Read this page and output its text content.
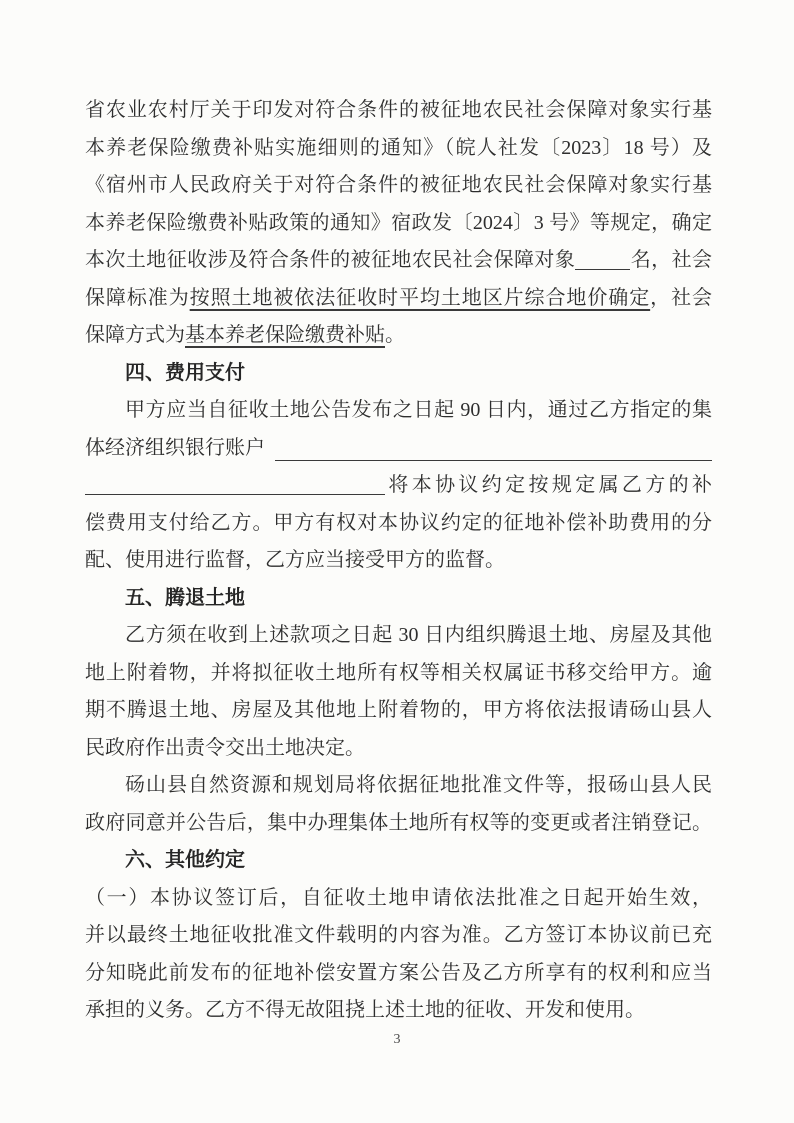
省农业农村厅关于印发对符合条件的被征地农民社会保障对象实行基
本养老保险缴费补贴实施细则的通知》（皖人社发〔2023〕18 号）及
《宿州市人民政府关于对符合条件的被征地农民社会保障对象实行基
本养老保险缴费补贴政策的通知》宿政发〔2024〕3 号》等规定，确定
本次土地征收涉及符合条件的被征地农民社会保障对象	名，社会
保障标准为按照土地被依法征收时平均土地区片综合地价确定，社会
保障方式为基本养老保险缴费补贴。
四、费用支付
甲方应当自征收土地公告发布之日起 90 日内，通过乙方指定的集
体经济组织银行账户
将本协议约定按规定属乙方的补
偿费用支付给乙方。甲方有权对本协议约定的征地补偿补助费用的分
配、使用进行监督，乙方应当接受甲方的监督。
五、腾退土地
乙方须在收到上述款项之日起 30 日内组织腾退土地、房屋及其他
地上附着物，并将拟征收土地所有权等相关权属证书移交给甲方。逾
期不腾退土地、房屋及其他地上附着物的，甲方将依法报请砀山县人
民政府作出责令交出土地决定。
砀山县自然资源和规划局将依据征地批准文件等，报砀山县人民
政府同意并公告后，集中办理集体土地所有权等的变更或者注销登记。
六、其他约定
（一）本协议签订后，自征收土地申请依法批准之日起开始生效，
并以最终土地征收批准文件载明的内容为准。乙方签订本协议前已充
分知晓此前发布的征地补偿安置方案公告及乙方所享有的权利和应当
承担的义务。乙方不得无故阻挠上述土地的征收、开发和使用。
3
